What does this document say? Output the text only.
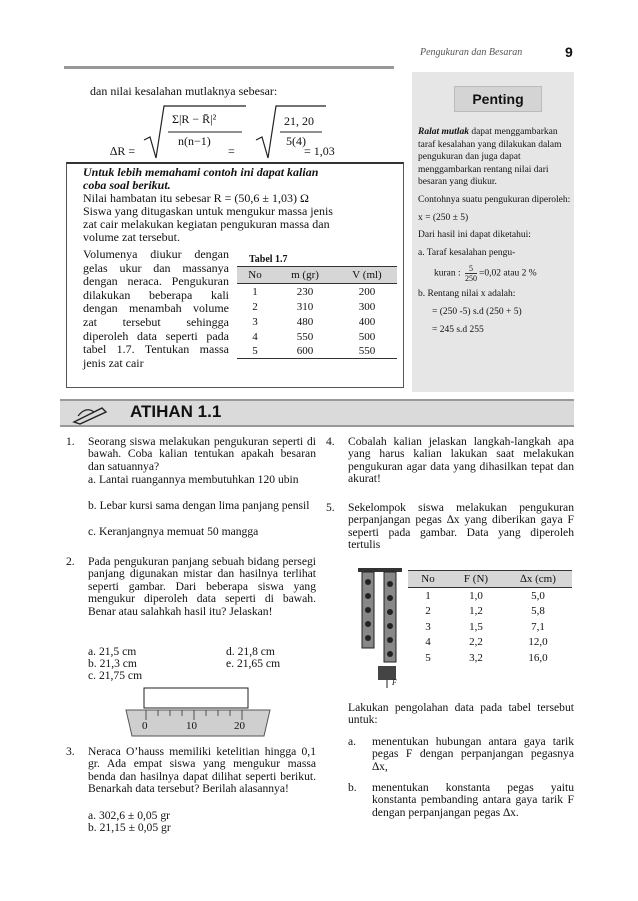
Pengukuran dan Besaran	9
dan nilai kesalahan mutlaknya sebesar:
∆R =
Σ|R − R̄|²
n(n−1)
=
21, 20
5(4)
= 1,03
Untuk lebih memahami contoh ini dapat kalian
coba soal berikut.
Nilai hambatan itu sebesar R = (50,6 ± 1,03) Ω
Siswa yang ditugaskan untuk mengukur massa jenis
zat cair melakukan kegiatan pengukuran massa dan
volume zat tersebut.
Volumenya diukur dengan gelas ukur dan massanya dengan neraca. Pengukuran dilakukan beberapa kali dengan menambah volume zat tersebut sehingga diperoleh data seperti pada tabel 1.7. Tentukan massa jenis zat cair
Tabel 1.7
No	m (gr)	V (ml)
1	230	200
2	310	300
3	480	400
4	550	500
5	600	550
Penting

Ralat mutlak dapat menggambarkan taraf kesalahan yang dilakukan dalam pengukuran dan juga dapat menggambarkan rentang nilai dari besaran yang diukur.

Contohnya suatu pengukuran diperoleh:

x = (250 ± 5)

Dari hasil ini dapat diketahui:

a. Taraf kesalahan pengu-

kuran : $\frac{5}{250} =0,02$ atau 2 %

b. Rentang nilai x adalah:

= (250 -5) s.d (250 + 5)

= 245 s.d 255

ATIHAN 1.1
1. Seorang siswa melakukan pengukuran seperti di bawah. Coba kalian tentukan apakah besaran dan satuannya?
a. Lantai ruangannya membutuhkan 120 ubin
b. Lebar kursi sama dengan lima panjang pensil
c. Keranjangnya memuat 50 mangga
2. Pada pengukuran panjang sebuah bidang persegi panjang digunakan mistar dan hasilnya terlihat seperti gambar. Dari beberapa siswa yang mengukur diperoleh data seperti di bawah. Benar atau salahkah hasil itu? Jelaskan!
a. 21,5 cm
b. 21,3 cm
c. 21,75 cm
d. 21,8 cm
e. 21,65 cm
0	10	20
3. Neraca O’hauss memiliki ketelitian hingga 0,1 gr. Ada empat siswa yang mengukur massa benda dan hasilnya dapat dilihat seperti berikut. Benarkah data tersebut? Berilah alasannya!
a. 302,6 ± 0,05 gr
b. 21,15 ± 0,05 gr
4. Cobalah kalian jelaskan langkah-langkah apa yang harus kalian lakukan saat melakukan pengukuran agar data yang dihasilkan tepat dan akurat!
5. Sekelompok siswa melakukan pengukuran perpanjangan pegas ∆x yang diberikan gaya F seperti pada gambar. Data yang diperoleh tertulis
F
No	F (N)	∆x (cm)
1	1,0	5,0
2	1,2	5,8
3	1,5	7,1
4	2,2	12,0
5	3,2	16,0
Lakukan pengolahan data pada tabel tersebut untuk:
a. menentukan hubungan antara gaya tarik pegas F dengan perpanjangan pegasnya ∆x,
b. menentukan konstanta pegas yaitu konstanta pembanding antara gaya tarik F dengan perpanjangan pegas ∆x.
